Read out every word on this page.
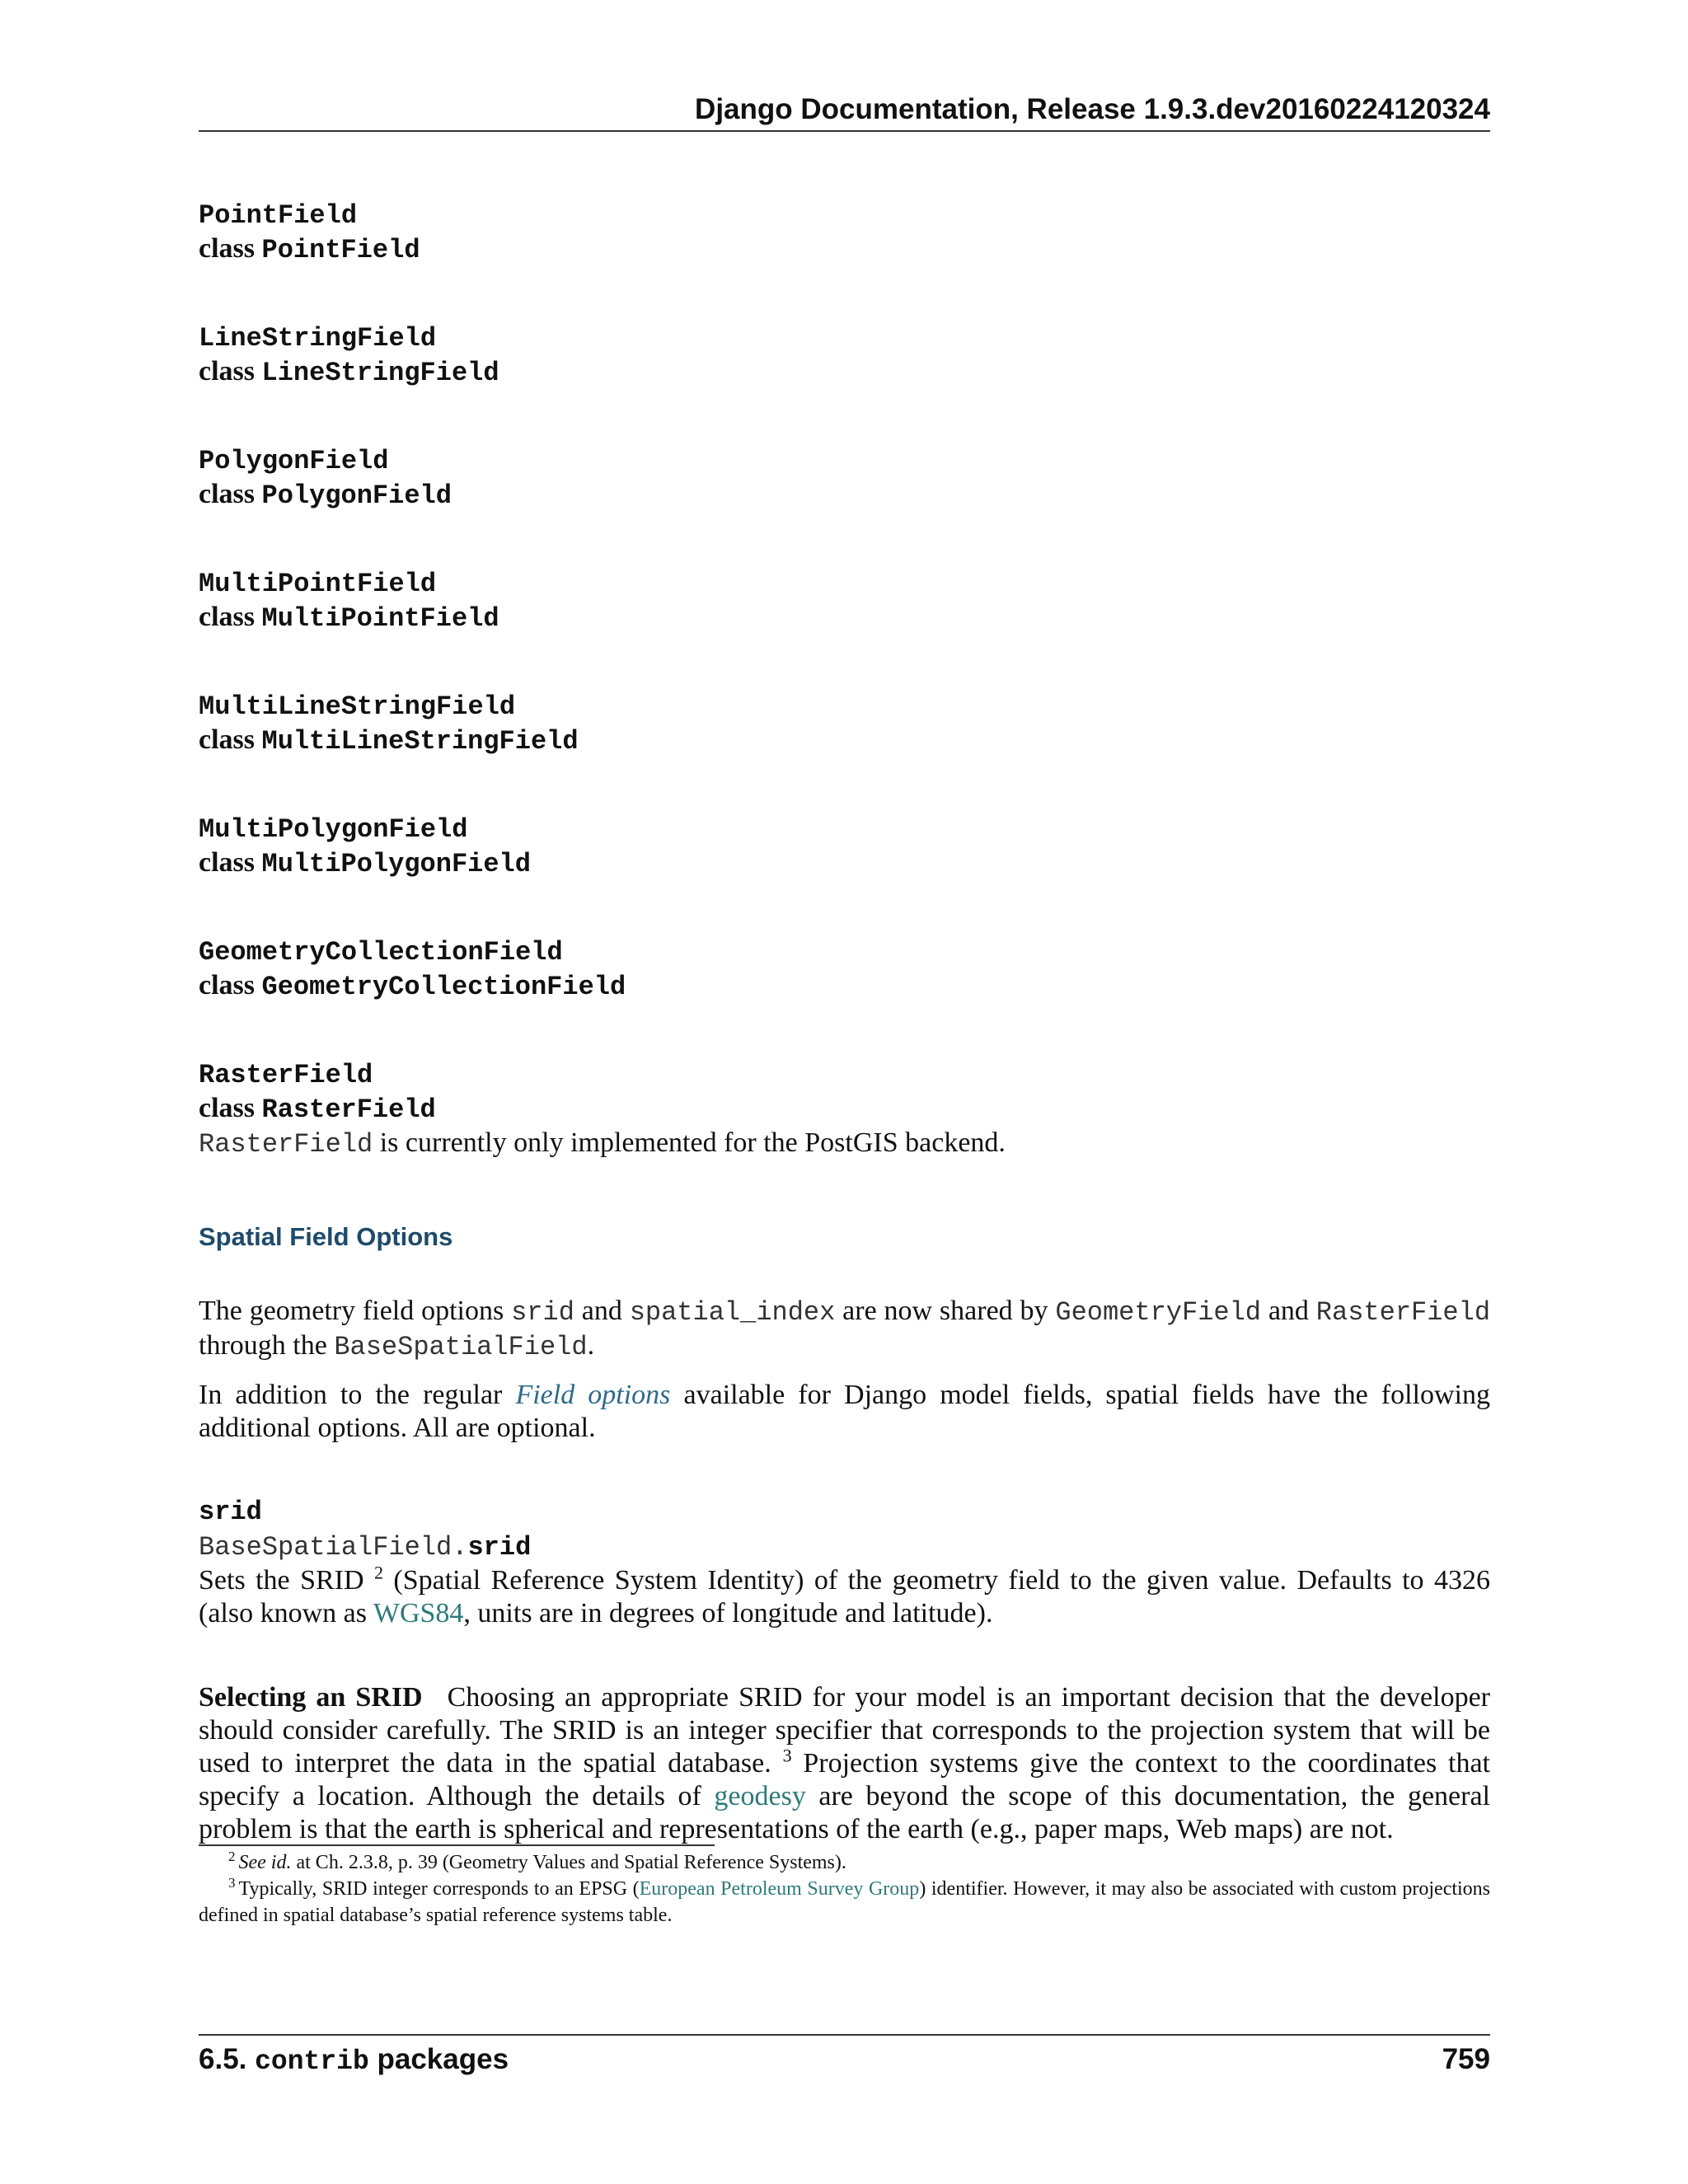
Django Documentation, Release 1.9.3.dev20160224120324
PointField
class PointField
LineStringField
class LineStringField
PolygonField
class PolygonField
MultiPointField
class MultiPointField
MultiLineStringField
class MultiLineStringField
MultiPolygonField
class MultiPolygonField
GeometryCollectionField
class GeometryCollectionField
RasterField
class RasterField
RasterField is currently only implemented for the PostGIS backend.
Spatial Field Options

The geometry field options srid and spatial_index are now shared by GeometryField and RasterField through the BaseSpatialField.

In addition to the regular Field options available for Django model fields, spatial fields have the following additional options. All are optional.

srid
BaseSpatialField.srid

Sets the SRID $^2$ (Spatial Reference System Identity) of the geometry field to the given value. Defaults to 4326 (also known as WGS84, units are in degrees of longitude and latitude).

Selecting an SRID Choosing an appropriate SRID for your model is an important decision that the developer should consider carefully. The SRID is an integer specifier that corresponds to the projection system that will be used to interpret the data in the spatial database. $^3$ Projection systems give the context to the coordinates that specify a location. Although the details of geodesy are beyond the scope of this documentation, the general problem is that the earth is spherical and representations of the earth (e.g., paper maps, Web maps) are not.

$^2$ See id. at Ch. 2.3.8, p. 39 (Geometry Values and Spatial Reference Systems).

$^3$ Typically, SRID integer corresponds to an EPSG (European Petroleum Survey Group) identifier. However, it may also be associated with custom projections defined in spatial database’s spatial reference systems table.

6.5. contrib packages	759
